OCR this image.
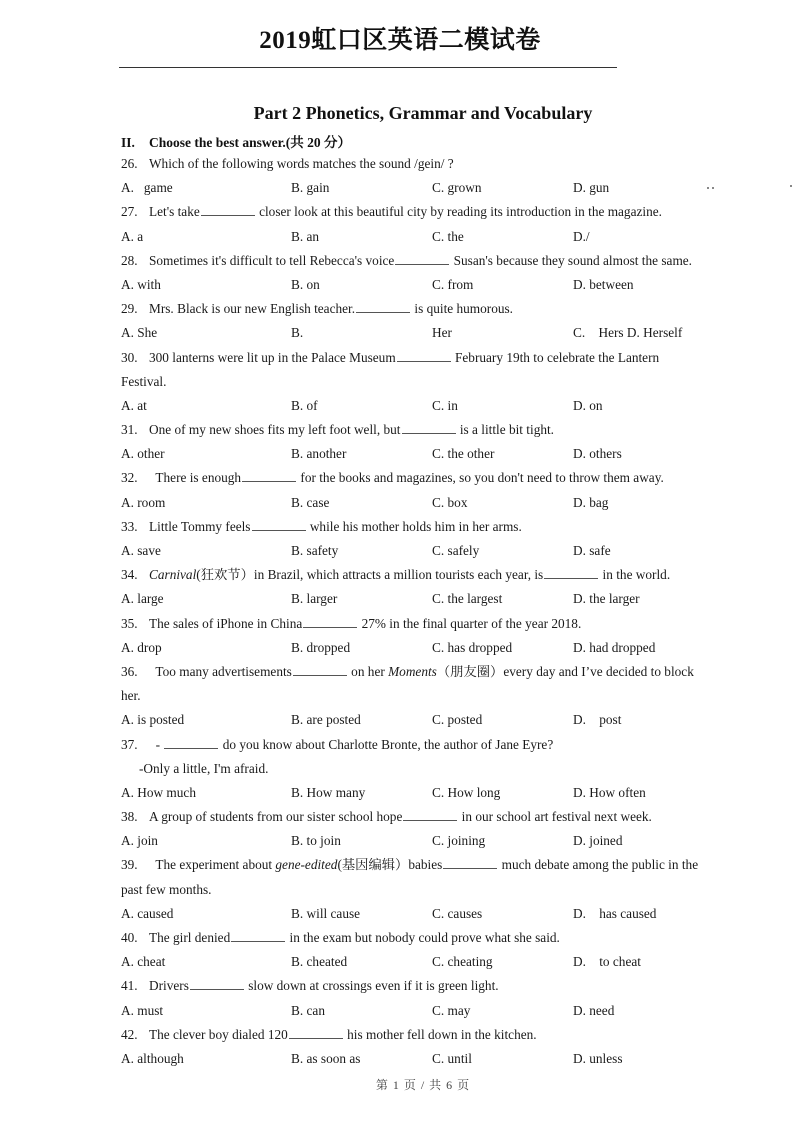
2019虹口区英语二模试卷
Part 2 Phonetics, Grammar and Vocabulary
II. Choose the best answer.(共 20 分）
26. Which of the following words matches the sound /gein/ ?
A.   game	B. gain	C. grown	D. gun
27. Let's take	closer look at this beautiful city by reading its introduction in the magazine.
A. a	B. an	C. the	D./
28. Sometimes it's difficult to tell Rebecca's voice	Susan's because they sound almost the same.
A. with	B. on	C. from	D. between
29. Mrs. Black is our new English teacher.	is quite humorous.
A. She	B.	Her	C.    Hers D. Herself
30. 300 lanterns were lit up in the Palace Museum	February 19th to celebrate the Lantern
Festival.
A. at	B. of	C. in	D. on
31. One of my new shoes fits my left foot well, but	is a little bit tight.
A. other	B. another	C. the other	D. others
32.  There is enough	for the books and magazines, so you don't need to throw them away.
A. room	B. case	C. box	D. bag
33. Little Tommy feels	while his mother holds him in her arms.
A. save	B. safety	C. safely	D. safe
34. Carnival(狂欢节）in Brazil, which attracts a million tourists each year, is	in the world.
A. large	B. larger	C. the largest	D. the larger
35. The sales of iPhone in China	27% in the final quarter of the year 2018.
A. drop	B. dropped	C. has dropped	D. had dropped
36.  Too many advertisements	on her Moments（朋友圈）every day and I’ve decided to block
her.
A. is posted	B. are posted	C. posted	D.    post
37.  -	do you know about Charlotte Bronte, the author of Jane Eyre?
-Only a little, I'm afraid.
A. How much	B. How many	C. How long	D. How often
38. A group of students from our sister school hope	in our school art festival next week.
A. join	B. to join	C. joining	D. joined
39.  The experiment about gene-edited(基因编辑）babies	much debate among the public in the
past few months.
A. caused	B. will cause	C. causes	D.    has caused
40. The girl denied	in the exam but nobody could prove what she said.
A. cheat	B. cheated	C. cheating	D.    to cheat
41. Drivers	slow down at crossings even if it is green light.
A. must	B. can	C. may	D. need
42. The clever boy dialed 120	his mother fell down in the kitchen.
A. although	B. as soon as	C. until	D. unless
第 1 页 / 共 6 页
